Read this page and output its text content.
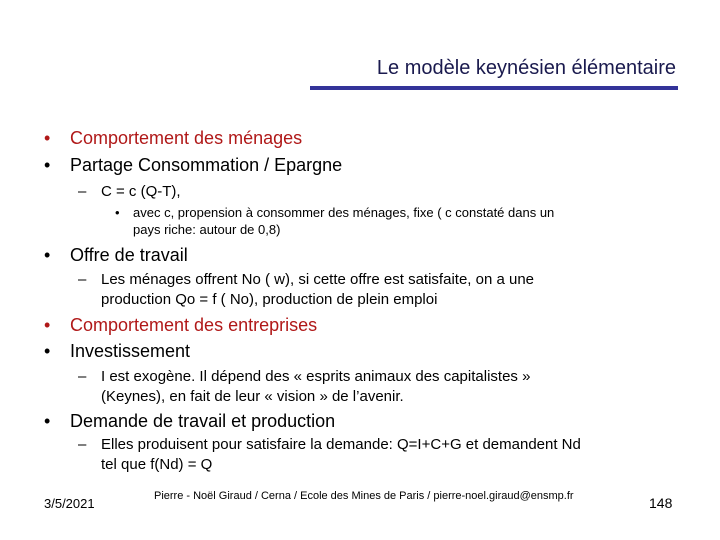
Le modèle keynésien élémentaire
• Comportement des ménages
• Partage Consommation / Epargne
– C = c (Q-T),
• avec c, propension à consommer des ménages, fixe ( c constaté dans un
pays riche: autour de 0,8)
• Offre de travail
– Les ménages offrent No ( w), si cette offre est satisfaite, on a une
production Qo = f ( No), production de plein emploi
• Comportement des entreprises
• Investissement
– I est exogène. Il dépend des « esprits animaux des capitalistes »
(Keynes), en fait de leur « vision » de l’avenir.
• Demande de travail et production
– Elles produisent pour satisfaire la demande: Q=I+C+G et demandent Nd
tel que f(Nd) = Q
3/5/2021	Pierre - Noël Giraud / Cerna / Ecole des Mines de Paris / pierre-noel.giraud@ensmp.fr	148
